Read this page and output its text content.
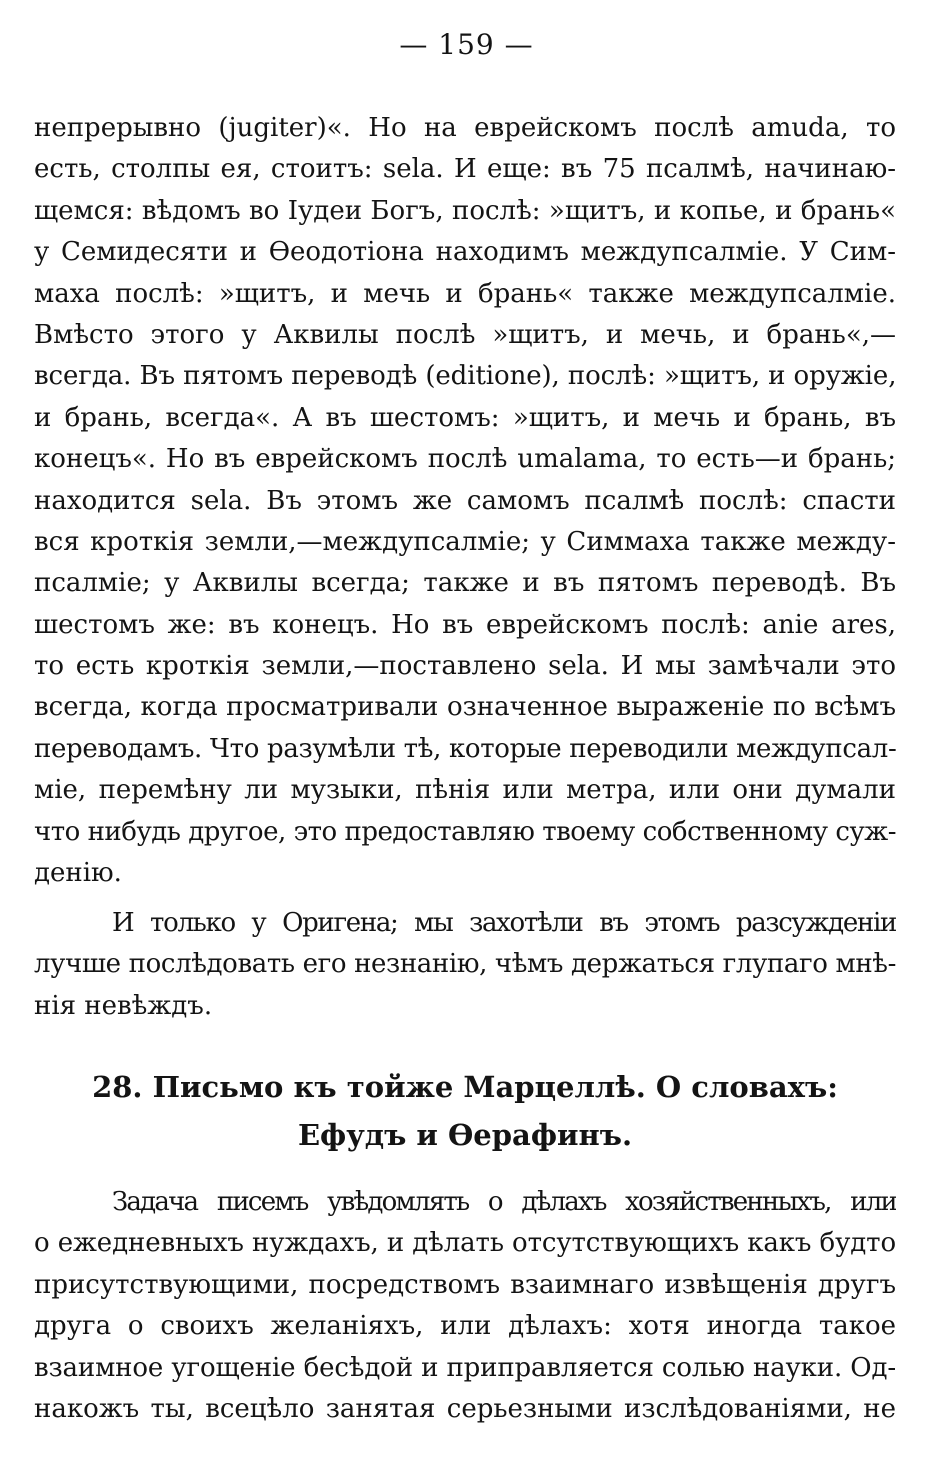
— 159 —
непрерывно (jugiter)«. Но на еврейскомъ послѣ amuda, то
есть, столпы ея, стоитъ: sela. И еще: въ 75 псалмѣ, начинаю-
щемся: вѣдомъ во Іудеи Богъ, послѣ: »щитъ, и копье, и брань«
у Семидесяти и Ѳеодотіона находимъ междупсалміе. У Сим-
маха послѣ: »щитъ, и мечь и брань« также междупсалміе.
Вмѣсто этого у Аквилы послѣ »щитъ, и мечь, и брань«,—
всегда. Въ пятомъ переводѣ (editione), послѣ: »щитъ, и оружіе,
и брань, всегда«. А въ шестомъ: »щитъ, и мечь и брань, въ
конецъ«. Но въ еврейскомъ послѣ umalama, то есть—и брань;
находится sela. Въ этомъ же самомъ псалмѣ послѣ: спасти
вся кроткія земли,—междупсалміе; у Симмаха также между-
псалміе; у Аквилы всегда; также и въ пятомъ переводѣ. Въ
шестомъ же: въ конецъ. Но въ еврейскомъ послѣ: anie ares,
то есть кроткія земли,—поставлено sela. И мы замѣчали это
всегда, когда просматривали означенное выраженіе по всѣмъ
переводамъ. Что разумѣли тѣ, которые переводили междупсал-
міе, перемѣну ли музыки, пѣнія или метра, или они думали
что нибудь другое, это предоставляю твоему собственному суж-
денію.
И только у Оригена; мы захотѣли въ этомъ разсужденіи
лучше послѣдовать его незнанію, чѣмъ держаться глупаго мнѣ-
нія невѣждъ.
28. Письмо къ тойже Марцеллѣ. О словахъ:
Ефудъ и Ѳерафинъ.
Задача писемъ увѣдомлять о дѣлахъ хозяйственныхъ, или
о ежедневныхъ нуждахъ, и дѣлать отсутствующихъ какъ будто
присутствующими, посредствомъ взаимнаго извѣщенія другъ
друга о своихъ желаніяхъ, или дѣлахъ: хотя иногда такое
взаимное угощеніе бесѣдой и приправляется солью науки. Од-
накожъ ты, всецѣло занятая серьезными изслѣдованіями, не
